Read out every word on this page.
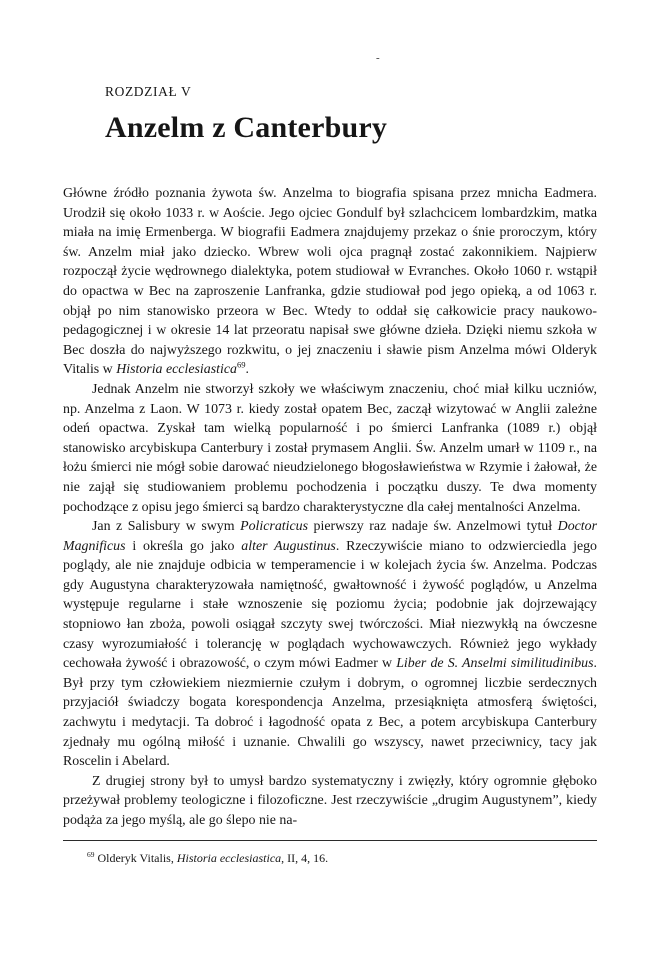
-
ROZDZIAŁ V
Anzelm z Canterbury

Główne źródło poznania żywota św. Anzelma to biografia spisana przez mnicha Eadmera. Urodził się około 1033 r. w Aoście. Jego ojciec Gondulf był szlachcicem lombardzkim, matka miała na imię Ermenberga. W biografii Eadmera znajdujemy przekaz o śnie proroczym, który św. Anzelm miał jako dziecko. Wbrew woli ojca pragnął zostać zakonnikiem. Najpierw rozpoczął życie wędrownego dialektyka, potem studiował w Evranches. Około 1060 r. wstąpił do opactwa w Bec na zaproszenie Lanfranka, gdzie studiował pod jego opieką, a od 1063 r. objął po nim stanowisko przeora w Bec. Wtedy to oddał się całkowicie pracy naukowo-pedagogicznej i w okresie 14 lat przeoratu napisał swe główne dzieła. Dzięki niemu szkoła w Bec doszła do najwyższego rozkwitu, o jej znaczeniu i sławie pism Anzelma mówi Olderyk Vitalis w Historia ecclesiastica$^{69}$.

Jednak Anzelm nie stworzył szkoły we właściwym znaczeniu, choć miał kilku uczniów, np. Anzelma z Laon. W 1073 r. kiedy został opatem Bec, zaczął wizytować w Anglii zależne odeń opactwa. Zyskał tam wielką popularność i po śmierci Lanfranka (1089 r.) objął stanowisko arcybiskupa Canterbury i został prymasem Anglii. Św. Anzelm umarł w 1109 r., na łożu śmierci nie mógł sobie darować nieudzielonego błogosławieństwa w Rzymie i żałował, że nie zajął się studiowaniem problemu pochodzenia i początku duszy. Te dwa momenty pochodzące z opisu jego śmierci są bardzo charakterystyczne dla całej mentalności Anzelma.

Jan z Salisbury w swym Policraticus pierwszy raz nadaje św. Anzelmowi tytuł Doctor Magnificus i określa go jako alter Augustinus. Rzeczywiście miano to odzwierciedla jego poglądy, ale nie znajduje odbicia w temperamencie i w kolejach życia św. Anzelma. Podczas gdy Augustyna charakteryzowała namiętność, gwałtowność i żywość poglądów, u Anzelma występuje regularne i stałe wznoszenie się poziomu życia; podobnie jak dojrzewający stopniowo łan zboża, powoli osiągał szczyty swej twórczości. Miał niezwykłą na ówczesne czasy wyrozumiałość i tolerancję w poglądach wychowawczych. Również jego wykłady cechowała żywość i obrazowość, o czym mówi Eadmer w Liber de S. Anselmi similitudinibus. Był przy tym człowiekiem niezmiernie czułym i dobrym, o ogromnej liczbie serdecznych przyjaciół świadczy bogata korespondencja Anzelma, przesiąknięta atmosferą świętości, zachwytu i medytacji. Ta dobroć i łagodność opata z Bec, a potem arcybiskupa Canterbury zjednały mu ogólną miłość i uznanie. Chwalili go wszyscy, nawet przeciwnicy, tacy jak Roscelin i Abelard.

Z drugiej strony był to umysł bardzo systematyczny i zwięzły, który ogromnie głęboko przeżywał problemy teologiczne i filozoficzne. Jest rzeczywiście „drugim Augustynem”, kiedy podąża za jego myślą, ale go ślepo nie na-

$^{69}$ Olderyk Vitalis, Historia ecclesiastica, II, 4, 16.
